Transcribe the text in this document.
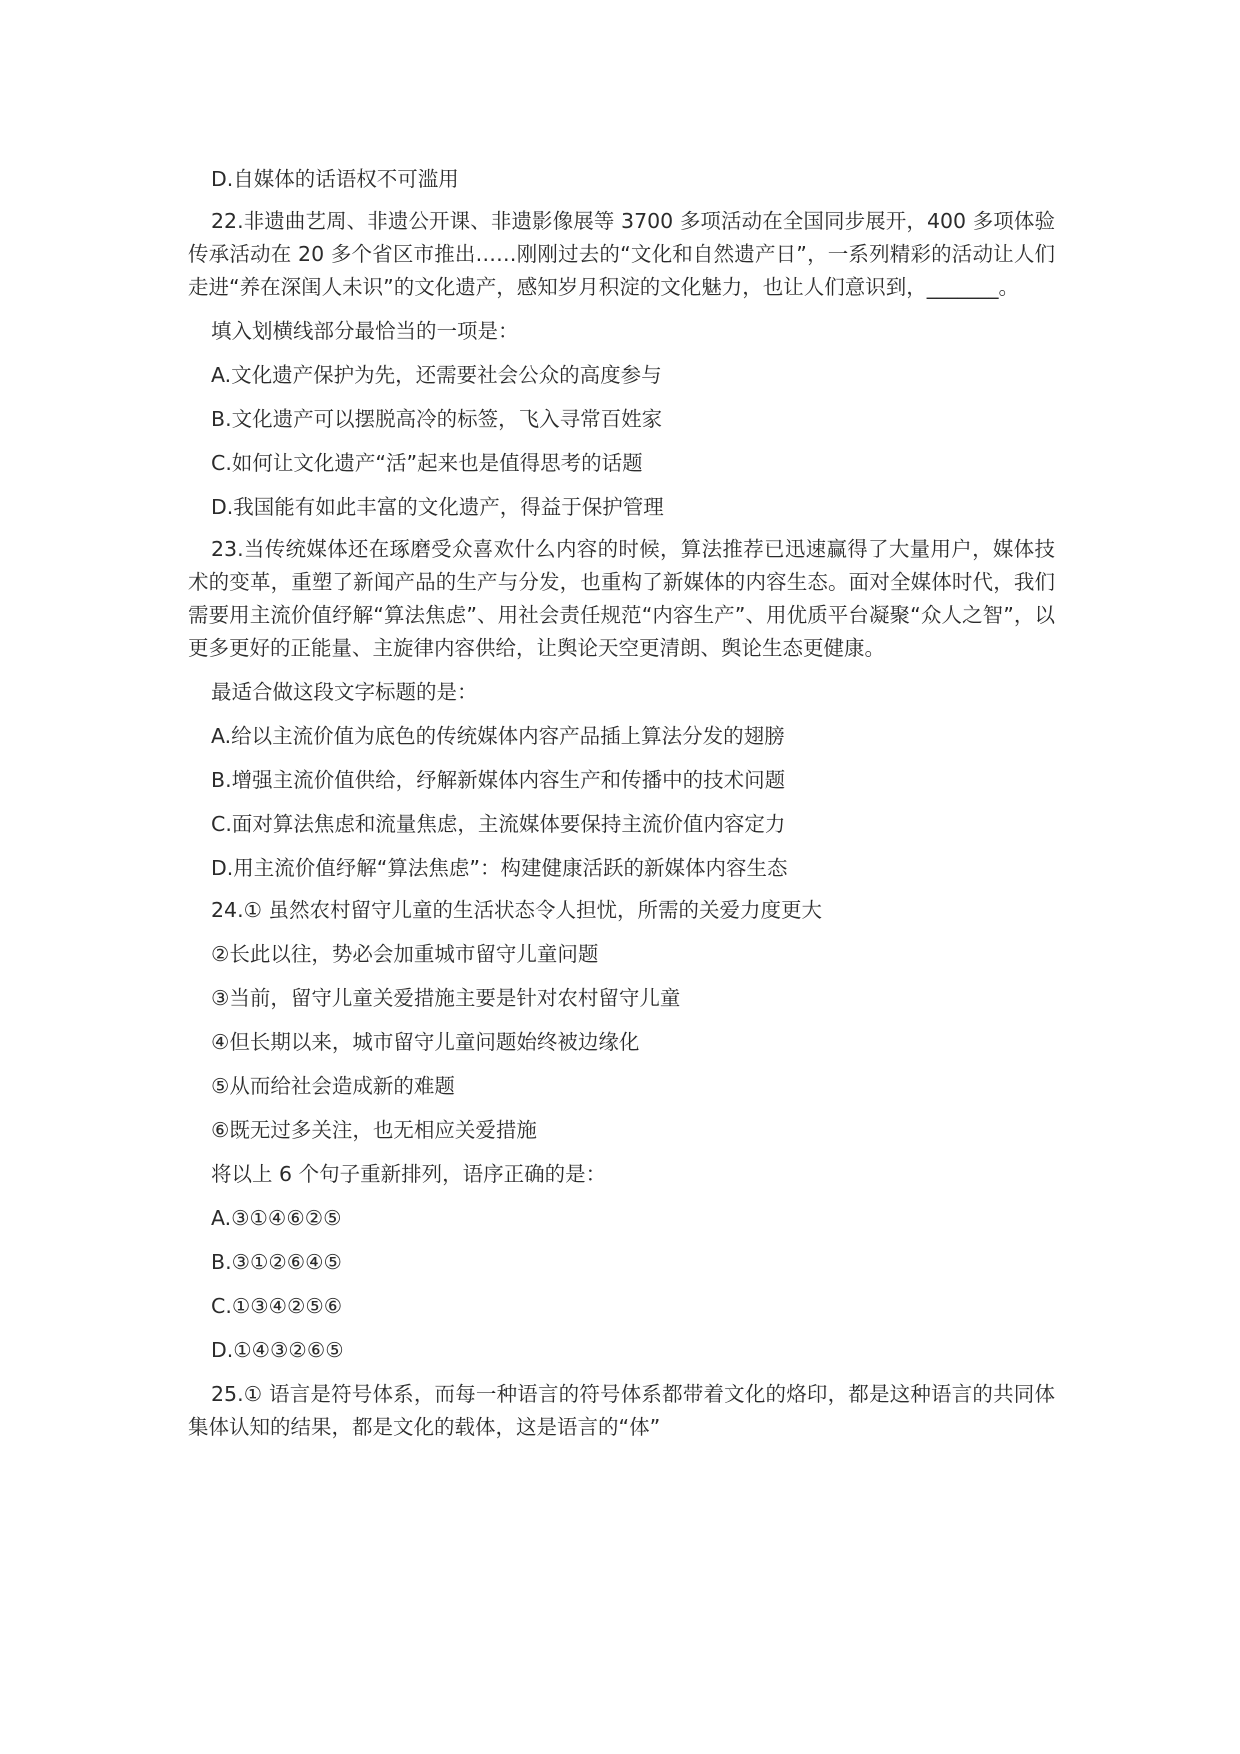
D.自媒体的话语权不可滥用

22.非遗曲艺周、非遗公开课、非遗影像展等 3700 多项活动在全国同步展开，400 多项体验传承活动在 20 多个省区市推出……刚刚过去的“文化和自然遗产日”，一系列精彩的活动让人们走进“养在深闺人未识”的文化遗产，感知岁月积淀的文化魅力，也让人们意识到，_______。

填入划横线部分最恰当的一项是：

A.文化遗产保护为先，还需要社会公众的高度参与

B.文化遗产可以摆脱高冷的标签，飞入寻常百姓家

C.如何让文化遗产“活”起来也是值得思考的话题

D.我国能有如此丰富的文化遗产，得益于保护管理

23.当传统媒体还在琢磨受众喜欢什么内容的时候，算法推荐已迅速赢得了大量用户，媒体技术的变革，重塑了新闻产品的生产与分发，也重构了新媒体的内容生态。面对全媒体时代，我们需要用主流价值纾解“算法焦虑”、用社会责任规范“内容生产”、用优质平台凝聚“众人之智”，以更多更好的正能量、主旋律内容供给，让舆论天空更清朗、舆论生态更健康。

最适合做这段文字标题的是：

A.给以主流价值为底色的传统媒体内容产品插上算法分发的翅膀

B.增强主流价值供给，纾解新媒体内容生产和传播中的技术问题

C.面对算法焦虑和流量焦虑，主流媒体要保持主流价值内容定力

D.用主流价值纾解“算法焦虑”：构建健康活跃的新媒体内容生态

24.① 虽然农村留守儿童的生活状态令人担忧，所需的关爱力度更大

②长此以往，势必会加重城市留守儿童问题

③当前，留守儿童关爱措施主要是针对农村留守儿童

④但长期以来，城市留守儿童问题始终被边缘化

⑤从而给社会造成新的难题

⑥既无过多关注，也无相应关爱措施

将以上 6 个句子重新排列，语序正确的是：

A.③①④⑥②⑤

B.③①②⑥④⑤

C.①③④②⑤⑥

D.①④③②⑥⑤

25.① 语言是符号体系，而每一种语言的符号体系都带着文化的烙印，都是这种语言的共同体集体认知的结果，都是文化的载体，这是语言的“体”
